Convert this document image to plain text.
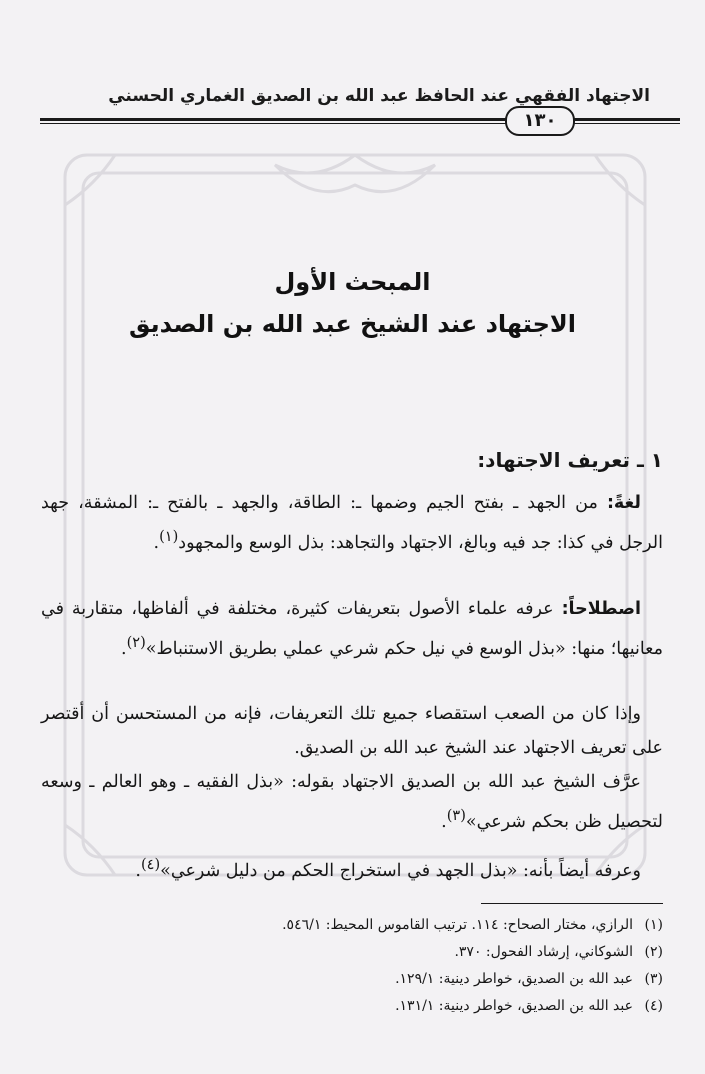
الاجتهاد الفقهي عند الحافظ عبد الله بن الصديق الغماري الحسني
١٣٠
المبحث الأول
الاجتهاد عند الشيخ عبد الله بن الصديق
١ ـ تعريف الاجتهاد:
لغةً: من الجهد ـ بفتح الجيم وضمها ـ: الطاقة، والجهد ـ بالفتح ـ: المشقة، جهد الرجل في كذا: جد فيه وبالغ، الاجتهاد والتجاهد: بذل الوسع والمجهود$^{(١)}$.
اصطلاحاً: عرفه علماء الأصول بتعريفات كثيرة، مختلفة في ألفاظها، متقاربة في معانيها؛ منها: «بذل الوسع في نيل حكم شرعي عملي بطريق الاستنباط»$^{(٢)}$.
وإذا كان من الصعب استقصاء جميع تلك التعريفات، فإنه من المستحسن أن أقتصر على تعريف الاجتهاد عند الشيخ عبد الله بن الصديق.
عرَّف الشيخ عبد الله بن الصديق الاجتهاد بقوله: «بذل الفقيه ـ وهو العالم ـ وسعه لتحصيل ظن بحكم شرعي»$^{(٣)}$.
وعرفه أيضاً بأنه: «بذل الجهد في استخراج الحكم من دليل شرعي»$^{(٤)}$.
(١)الرازي، مختار الصحاح: ١١٤. ترتيب القاموس المحيط: ٥٤٦/١.
(٢)الشوكاني، إرشاد الفحول: ٣٧٠.
(٣)عبد الله بن الصديق، خواطر دينية: ١٢٩/١.
(٤)عبد الله بن الصديق، خواطر دينية: ١٣١/١.
